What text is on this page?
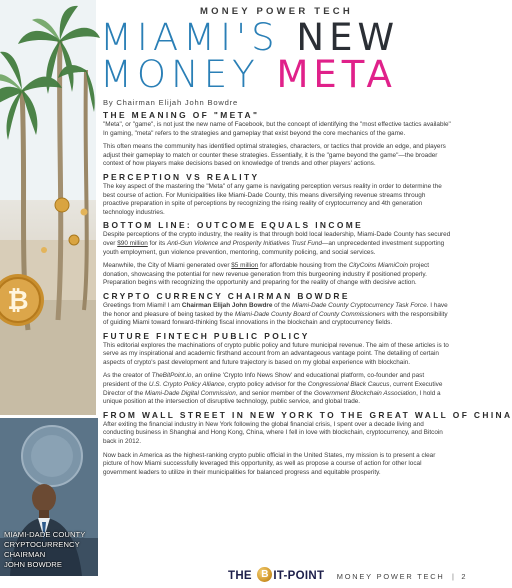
₿
MIAMI-DADE COUNTY
CRYPTOCURRENCY
CHAIRMAN
JOHN BOWDRE
MONEY POWER TECH
MIAMI'S NEW
MONEY META
By Chairman Elijah John Bowdre
THE MEANING OF "META"

"Meta", or "game", is not just the new name of Facebook, but the concept of identifying the "most effective tactics available" In gaming, "meta" refers to the strategies and gameplay that exist beyond the core mechanics of the game.

This often means the community has identified optimal strategies, characters, or tactics that provide an edge, and players adjust their gameplay to match or counter these strategies. Essentially, it is the "game beyond the game"—the broader context of how players make decisions based on knowledge of trends and other players' actions.

PERCEPTION VS REALITY

The key aspect of the mastering the "Meta" of any game is navigating perception versus reality in order to determine the best course of action. For Municipalities like Miami-Dade County, this means diversifying revenue streams through proactive preparation in spite of perceptions by recognizing the rising reality of cryptocurrency and 4th generation technology industries.

BOTTOM LINE: OUTCOME EQUALS INCOME

Despite perceptions of the crypto industry, the reality is that through bold local leadership, Miami-Dade County has secured over $90 million for its Anti-Gun Violence and Prosperity Initiatives Trust Fund—an unprecedented investment supporting youth employment, gun violence prevention, mentoring, community policing, and social services.

Meanwhile, the City of Miami generated over $5 million for affordable housing from the CityCoins MiamiCoin project donation, showcasing the potential for new revenue generation from this burgeoning industry if positioned properly. Preparation begins with recognizing the opportunity and preparing for the reality of change with decisive action.

CRYPTO CURRENCY CHAIRMAN BOWDRE

Greetings from Miami! I am Chairman Elijah John Bowdre of the Miami-Dade County Cryptocurrency Task Force. I have the honor and pleasure of being tasked by the Miami-Dade County Board of County Commissioners with the responsibility of guiding Miami toward forward-thinking fiscal innovations in the blockchain and cryptocurrency fields.

FUTURE FINTECH PUBLIC POLICY

This editorial explores the machinations of crypto public policy and future municipal revenue. The aim of these articles is to serve as my inspirational and academic firsthand account from an advantageous vantage point. The detailing of certain aspects of crypto's past development and future trajectory is based on my global experience with blockchain.

As the creator of TheBitPoint.io, an online 'Crypto Info News Show' and educational platform, co-founder and past president of the U.S. Crypto Policy Alliance, crypto policy advisor for the Congressional Black Caucus, current Executive Director of the Miami-Dade Digital Commission, and senior member of the Government Blockchain Association, I hold a unique position at the intersection of disruptive technology, public service, and global trade.

FROM WALL STREET IN NEW YORK TO THE GREAT WALL OF CHINA

After exiting the financial industry in New York following the global financial crisis, I spent over a decade living and conducting business in Shanghai and Hong Kong, China, where I fell in love with blockchain, cryptocurrency, and Bitcoin back in 2012.

Now back in America as the highest-ranking crypto public official in the United States, my mission is to present a clear picture of how Miami successfully leveraged this opportunity, as well as propose a course of action for other local government leaders to utilize in their municipalities for balanced progress and equitable prosperity.

THE B IT-POINT MONEY POWER TECH | 2
